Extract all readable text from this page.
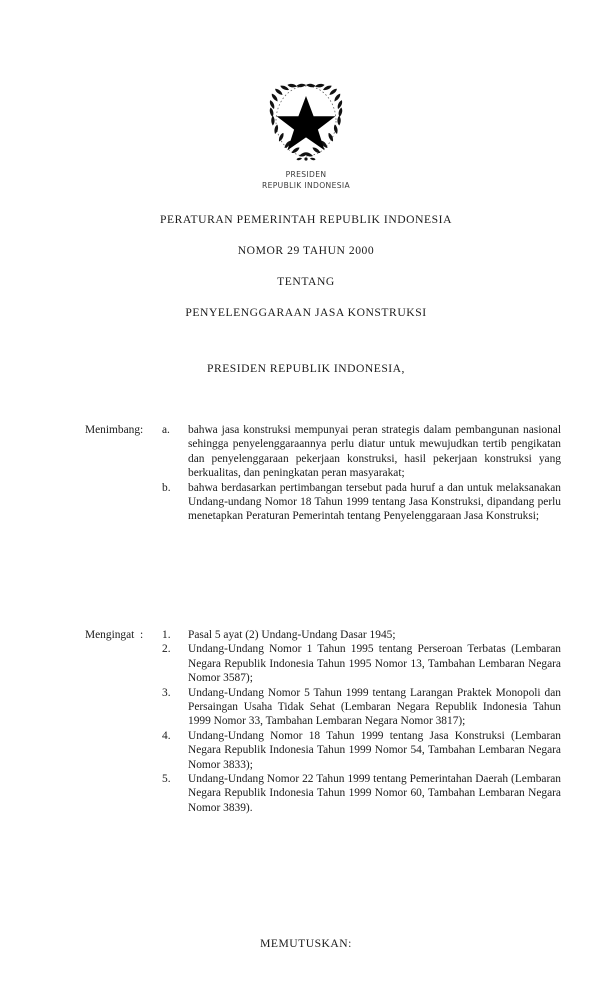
PRESIDEN
REPUBLIK INDONESIA
PERATURAN PEMERINTAH REPUBLIK INDONESIA
NOMOR 29 TAHUN 2000
TENTANG
PENYELENGGARAAN JASA KONSTRUKSI
PRESIDEN REPUBLIK INDONESIA,
Menimbang :	a.	bahwa jasa konstruksi mempunyai peran strategis dalam pembangunan nasional sehingga penyelenggaraannya perlu diatur untuk mewujudkan tertib pengikatan dan penyelenggaraan pekerjaan konstruksi, hasil pekerjaan konstruksi yang berkualitas, dan peningkatan peran masyarakat;
b.	bahwa berdasarkan pertimbangan tersebut pada huruf a dan untuk melaksanakan Undang-undang Nomor 18 Tahun 1999 tentang Jasa Konstruksi, dipandang perlu menetapkan Peraturan Pemerintah tentang Penyelenggaraan Jasa Konstruksi;
Mengingat :	1.	Pasal 5 ayat (2) Undang-Undang Dasar 1945;
2.	Undang-Undang Nomor 1 Tahun 1995 tentang Perseroan Terbatas (Lembaran Negara Republik Indonesia Tahun 1995 Nomor 13, Tambahan Lembaran Negara Nomor 3587);
3.	Undang-Undang Nomor 5 Tahun 1999 tentang Larangan Praktek Monopoli dan Persaingan Usaha Tidak Sehat (Lembaran Negara Republik Indonesia Tahun 1999 Nomor 33, Tambahan Lembaran Negara Nomor 3817);
4.	Undang-Undang Nomor 18 Tahun 1999 tentang Jasa Konstruksi (Lembaran Negara Republik Indonesia Tahun 1999 Nomor 54, Tambahan Lembaran Negara Nomor 3833);
5.	Undang-Undang Nomor 22 Tahun 1999 tentang Pemerintahan Daerah (Lembaran Negara Republik Indonesia Tahun 1999 Nomor 60, Tambahan Lembaran Negara Nomor 3839).
MEMUTUSKAN:
